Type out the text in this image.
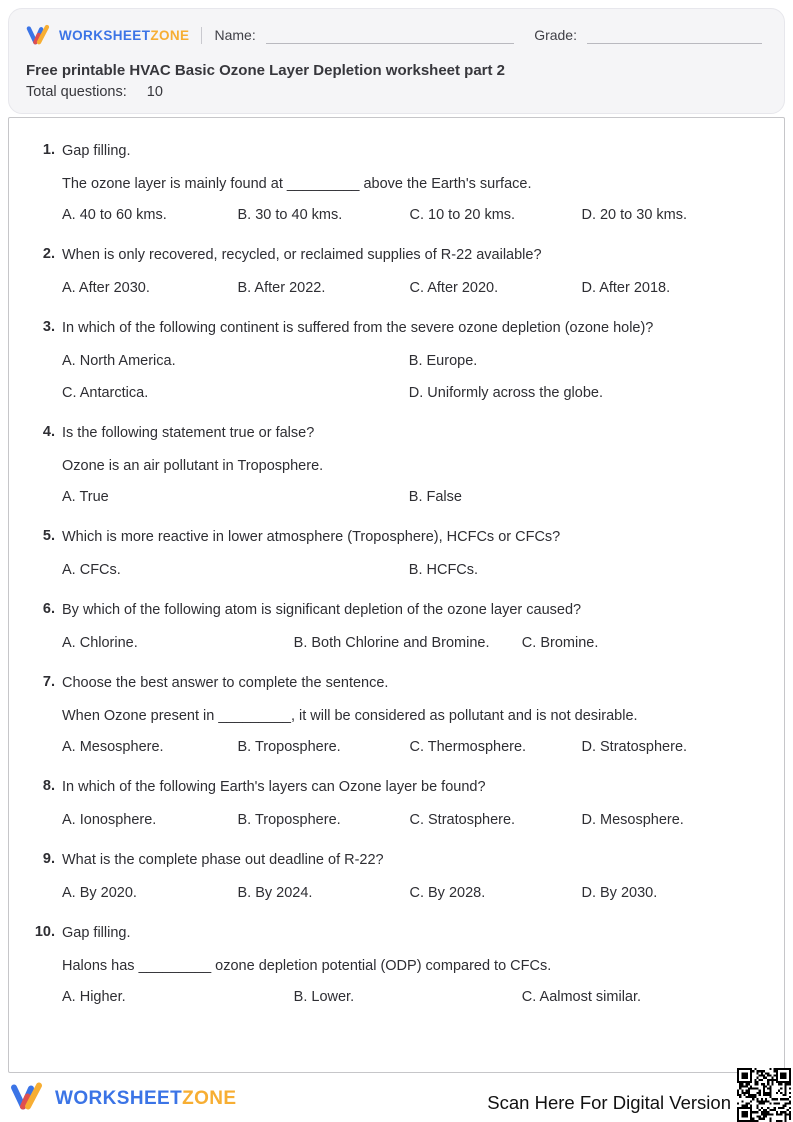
WORKSHEETZONE Name:	Grade:
Free printable HVAC Basic Ozone Layer Depletion worksheet part 2
Total questions: 10
1. Gap filling.
The ozone layer is mainly found at _________ above the Earth's surface.
A. 40 to 60 kms.	B. 30 to 40 kms.	C. 10 to 20 kms.	D. 20 to 30 kms.
2. When is only recovered, recycled, or reclaimed supplies of R-22 available?
A. After 2030.	B. After 2022.	C. After 2020.	D. After 2018.
3. In which of the following continent is suffered from the severe ozone depletion (ozone hole)?
A. North America.	B. Europe.
C. Antarctica.	D. Uniformly across the globe.
4. Is the following statement true or false?
Ozone is an air pollutant in Troposphere.
A. True	B. False
5. Which is more reactive in lower atmosphere (Troposphere), HCFCs or CFCs?
A. CFCs.	B. HCFCs.
6. By which of the following atom is significant depletion of the ozone layer caused?
A. Chlorine.	B. Both Chlorine and Bromine.	C. Bromine.
7. Choose the best answer to complete the sentence.
When Ozone present in _________, it will be considered as pollutant and is not desirable.
A. Mesosphere.	B. Troposphere.	C. Thermosphere.	D. Stratosphere.
8. In which of the following Earth's layers can Ozone layer be found?
A. Ionosphere.	B. Troposphere.	C. Stratosphere.	D. Mesosphere.
9. What is the complete phase out deadline of R-22?
A. By 2020.	B. By 2024.	C. By 2028.	D. By 2030.
10. Gap filling.
Halons has _________ ozone depletion potential (ODP) compared to CFCs.
A. Higher.	B. Lower.	C. Aalmost similar.
WORKSHEETZONE	Scan Here For Digital Version
